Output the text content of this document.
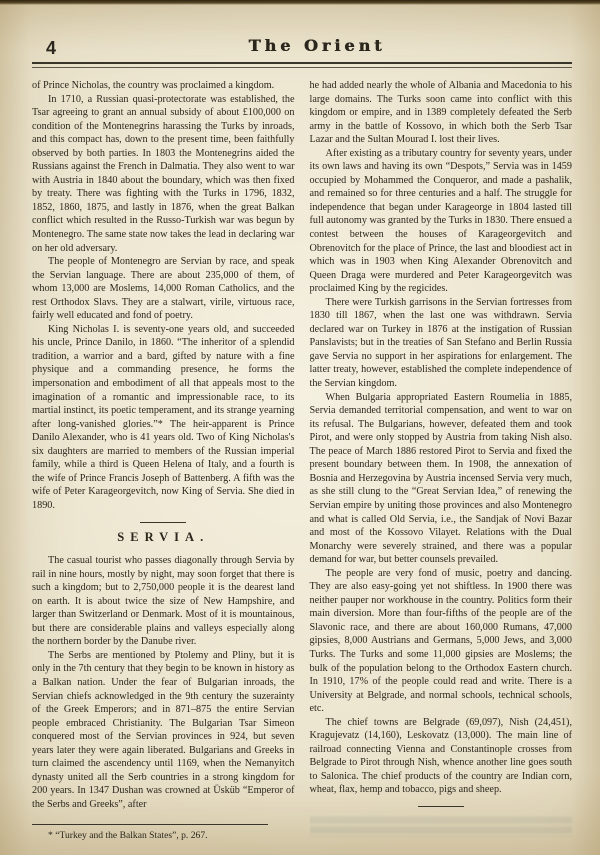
4	The Orient

of Prince Nicholas, the country was proclaimed a kingdom.

In 1710, a Russian quasi-protectorate was established, the Tsar agreeing to grant an annual subsidy of about £100,000 on condition of the Montenegrins harassing the Turks by inroads, and this compact has, down to the present time, been faithfully observed by both parties. In 1803 the Montenegrins aided the Russians against the French in Dalmatia. They also went to war with Austria in 1840 about the boundary, which was then fixed by treaty. There was fighting with the Turks in 1796, 1832, 1852, 1860, 1875, and lastly in 1876, when the great Balkan conflict which resulted in the Russo-Turkish war was begun by Montenegro. The same state now takes the lead in declaring war on her old adversary.

The people of Montenegro are Servian by race, and speak the Servian language. There are about 235,000 of them, of whom 13,000 are Moslems, 14,000 Roman Catholics, and the rest Orthodox Slavs. They are a stalwart, virile, virtuous race, fairly well educated and fond of poetry.

King Nicholas I. is seventy-one years old, and succeeded his uncle, Prince Danilo, in 1860. “The inheritor of a splendid tradition, a warrior and a bard, gifted by nature with a fine physique and a commanding presence, he forms the impersonation and embodiment of all that appeals most to the imagination of a romantic and impressionable race, to its martial instinct, its poetic temperament, and its strange yearning after long-vanished glories.”* The heir-apparent is Prince Danilo Alexander, who is 41 years old. Two of King Nicholas's six daughters are married to members of the Russian imperial family, while a third is Queen Helena of Italy, and a fourth is the wife of Prince Francis Joseph of Battenberg. A fifth was the wife of Peter Karageorgevitch, now King of Servia. She died in 1890.

SERVIA.

The casual tourist who passes diagonally through Servia by rail in nine hours, mostly by night, may soon forget that there is such a kingdom; but to 2,750,000 people it is the dearest land on earth. It is about twice the size of New Hampshire, and larger than Switzerland or Denmark. Most of it is mountainous, but there are considerable plains and valleys especially along the northern border by the Danube river.

The Serbs are mentioned by Ptolemy and Pliny, but it is only in the 7th century that they begin to be known in history as a Balkan nation. Under the fear of Bulgarian inroads, the Servian chiefs acknowledged in the 9th century the suzerainty of the Greek Emperors; and in 871–875 the entire Servian people embraced Christianity. The Bulgarian Tsar Simeon conquered most of the Servian provinces in 924, but seven years later they were again liberated. Bulgarians and Greeks in turn claimed the ascendency until 1169, when the Nemanyitch dynasty united all the Serb countries in a strong kingdom for 200 years. In 1347 Dushan was crowned at Üsküb “Emperor of the Serbs and Greeks”, after

* “Turkey and the Balkan States”, p. 267.

he had added nearly the whole of Albania and Macedonia to his large domains. The Turks soon came into conflict with this kingdom or empire, and in 1389 completely defeated the Serb army in the battle of Kossovo, in which both the Serb Tsar Lazar and the Sultan Mourad I. lost their lives.

After existing as a tributary country for seventy years, under its own laws and having its own “Despots,” Servia was in 1459 occupied by Mohammed the Conqueror, and made a pashalik, and remained so for three centuries and a half. The struggle for independence that began under Karageorge in 1804 lasted till full autonomy was granted by the Turks in 1830. There ensued a contest between the houses of Karageorgevitch and Obrenovitch for the place of Prince, the last and bloodiest act in which was in 1903 when King Alexander Obrenovitch and Queen Draga were murdered and Peter Karageorgevitch was proclaimed King by the regicides.

There were Turkish garrisons in the Servian fortresses from 1830 till 1867, when the last one was withdrawn. Servia declared war on Turkey in 1876 at the instigation of Russian Panslavists; but in the treaties of San Stefano and Berlin Russia gave Servia no support in her aspirations for enlargement. The latter treaty, however, established the complete independence of the Servian kingdom.

When Bulgaria appropriated Eastern Roumelia in 1885, Servia demanded territorial compensation, and went to war on its refusal. The Bulgarians, however, defeated them and took Pirot, and were only stopped by Austria from taking Nish also. The peace of March 1886 restored Pirot to Servia and fixed the present boundary between them. In 1908, the annexation of Bosnia and Herzegovina by Austria incensed Servia very much, as she still clung to the “Great Servian Idea,” of renewing the Servian empire by uniting those provinces and also Montenegro and what is called Old Servia, i.e., the Sandjak of Novi Bazar and most of the Kossovo Vilayet. Relations with the Dual Monarchy were severely strained, and there was a popular demand for war, but better counsels prevailed.

The people are very fond of music, poetry and dancing. They are also easy-going yet not shiftless. In 1900 there was neither pauper nor workhouse in the country. Politics form their main diversion. More than four-fifths of the people are of the Slavonic race, and there are about 160,000 Rumans, 47,000 gipsies, 8,000 Austrians and Germans, 5,000 Jews, and 3,000 Turks. The Turks and some 11,000 gipsies are Moslems; the bulk of the population belong to the Orthodox Eastern church. In 1910, 17% of the people could read and write. There is a University at Belgrade, and normal schools, technical schools, etc.

The chief towns are Belgrade (69,097), Nish (24,451), Kragujevatz (14,160), Leskovatz (13,000). The main line of railroad connecting Vienna and Constantinople crosses from Belgrade to Pirot through Nish, whence another line goes south to Salonica. The chief products of the country are Indian corn, wheat, flax, hemp and tobacco, pigs and sheep.
